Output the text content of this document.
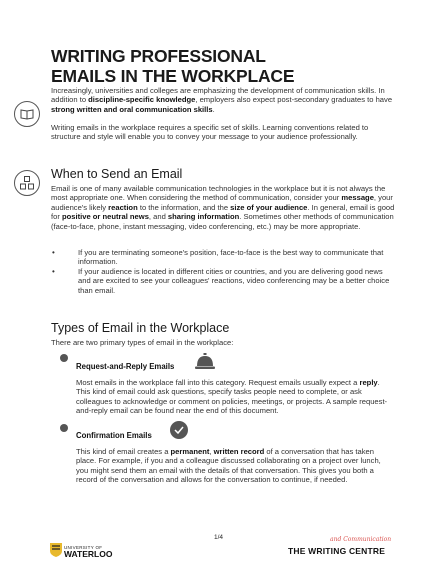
WRITING PROFESSIONAL
EMAILS IN THE WORKPLACE
Increasingly, universities and colleges are emphasizing the development of communication skills. In addition to discipline-specific knowledge, employers also expect post-secondary graduates to have strong written and oral communication skills.
Writing emails in the workplace requires a specific set of skills. Learning conventions related to structure and style will enable you to convey your message to your audience professionally.
When to Send an Email
Email is one of many available communication technologies in the workplace but it is not always the most appropriate one. When considering the method of communication, consider your message, your audience's likely reaction to the information, and the size of your audience. In general, email is good for positive or neutral news, and sharing information. Sometimes other methods of communication (face-to-face, phone, instant messaging, video conferencing, etc.) may be more appropriate.
• If you are terminating someone's position, face-to-face is the best way to communicate that information.
• If your audience is located in different cities or countries, and you are delivering good news and are excited to see your colleagues' reactions, video conferencing may be a better choice than email.
Types of Email in the Workplace
There are two primary types of email in the workplace:
Request-and-Reply Emails
Most emails in the workplace fall into this category. Request emails usually expect a reply. This kind of email could ask questions, specify tasks people need to complete, or ask colleagues to acknowledge or comment on policies, meetings, or projects. A sample request-and-reply email can be found near the end of this document.
Confirmation Emails
This kind of email creates a permanent, written record of a conversation that has taken place. For example, if you and a colleague discussed collaborating on a project over lunch, you might send them an email with the details of that conversation. This gives you both a record of the conversation and allows for the conversation to continue, if needed.
1/4
UNIVERSITY OF
WATERLOO
and Communication
THE WRITING CENTRE
